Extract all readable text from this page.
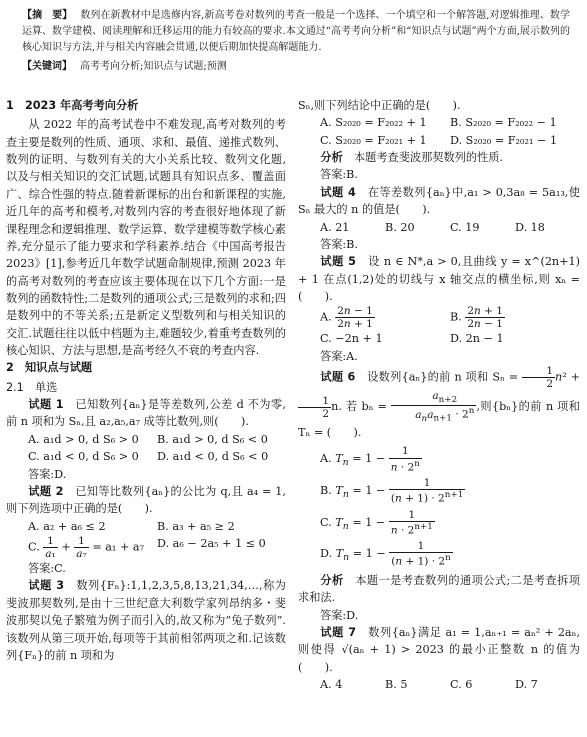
【摘　要】 数列在新教材中是选修内容,新高考卷对数列的考查一般是一个选择、一个填空和一个解答题,对逻辑推理、数学运算、数学建模、阅读理解和迁移运用的能力有较高的要求.本文通过“高考考向分析”和“知识点与试题”两个方面,展示数列的核心知识与方法,并与相关内容融会贯通,以便后期加快提高解题能力.

【关键词】 高考考向分析;知识点与试题;预测

1　2023 年高考考向分析

从 2022 年的高考试卷中不难发现,高考对数列的考查主要是数列的性质、通项、求和、最值、递推式数列、数列的证明、与数列有关的大小关系比较、数列文化题,以及与相关知识的交汇试题,试题具有知识点多、覆盖面广、综合性强的特点.随着新课标的出台和新课程的实施,近几年的高考和模考,对数列内容的考查很好地体现了新课程理念和逻辑推理、数学运算、数学建模等数学核心素养,充分显示了能力要求和学科素养.结合《中国高考报告 2023》[1],参考近几年数学试题命制规律,预测 2023 年的高考对数列的考查应该主要体现在以下几个方面:一是数列的函数特性;二是数列的通项公式;三是数列的求和;四是数列中的不等关系;五是新定义型数列和与相关知识的交汇.试题往往以低中档题为主,难题较少,着重考查数列的核心知识、方法与思想,是高考经久不衰的考查内容.

2　知识点与试题
2.1　单选

试题 1　 已知数列{aₙ}是等差数列,公差 d 不为零,前 n 项和为 Sₙ,且 a₂,a₅,a₇ 成等比数列,则(　　).

A. a₁d > 0, d S₆ > 0	B. a₁d > 0, d S₆ < 0
C. a₁d < 0, d S₆ > 0	D. a₁d < 0, d S₆ < 0
答案:D.

试题 2　 已知等比数列{aₙ}的公比为 q,且 a₄ = 1,则下列选项中正确的是(　　).

A. a₂ + a₆ ≤ 2	B. a₃ + a₅ ≥ 2
C. $\frac{1}{\text{a₁}} + \frac{1}{\text{a₇}} = a_1 + a_7$	D. a₆ − 2a₅ + 1 ≤ 0
答案:C.

试题 3　 数列{Fₙ}:1,1,2,3,5,8,13,21,34,…,称为斐波那契数列,是由十三世纪意大利数学家列昂纳多・斐波那契以兔子繁殖为例子而引入的,故又称为“兔子数列”.该数列从第三项开始,每项等于其前相邻两项之和.记该数列{Fₙ}的前 n 项和为

Sₙ,则下列结论中正确的是(　　).

A. S₂₀₂₀ = F₂₀₂₂ + 1	B. S₂₀₂₀ = F₂₀₂₂ − 1
C. S₂₀₂₀ = F₂₀₂₁ + 1	D. S₂₀₂₀ = F₂₀₂₁ − 1

分析　 本题考查斐波那契数列的性质.

答案:B.

试题 4　 在等差数列{aₙ}中,a₁ > 0,3a₈ = 5a₁₃,使 Sₙ 最大的 n 的值是(　　).

A. 21	B. 20	C. 19	D. 18
答案:B.

试题 5　 设 n ∈ N*,a > 0,且曲线 y = x^(2n+1) + 1 在点(1,2)处的切线与 x 轴交点的横坐标,则 xₙ = (　　).

A. $\frac{2n - 1}{2n + 1}$	B. $\frac{2n + 1}{2n - 1}$
C. −2n + 1	D. 2n − 1
答案:A.

试题 6　 设数列{aₙ}的前 n 项和 $S_n = \frac{1}{2} n^2$ +
$\frac{1}{2} n$. 若 $b_n = \frac{a_{n+2}}{a_na_{n+1} \cdot 2^n}$ ,则{bₙ}的前 n 项和 Tₙ = (　　).

A. $T_n = 1 - \frac{1}{n \cdot 2^n}$
B. $T_n = 1 - \frac{1}{(n + 1) \cdot 2^{n+1}}$
C. $T_n = 1 - \frac{1}{n \cdot 2^{n+1}}$
D. $T_n = 1 - \frac{1}{(n + 1) \cdot 2^n}$

分析　 本题一是考查数列的通项公式;二是考查拆项求和法.

答案:D.

试题 7　 数列{aₙ}满足 a₁ = 1,aₙ₊₁ = aₙ² + 2aₙ,则使得 √(aₙ + 1) > 2023 的最小正整数 n 的值为(　　).

A. 4	B. 5	C. 6	D. 7
